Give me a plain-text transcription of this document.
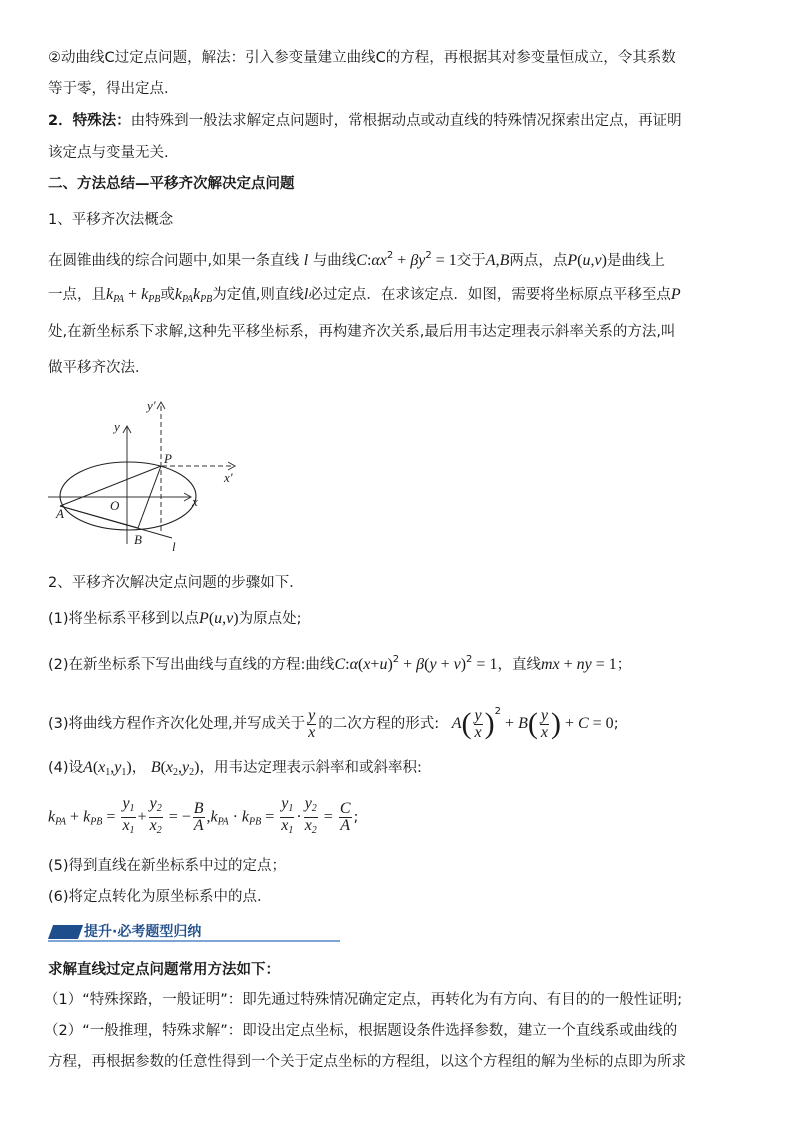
②动曲线C过定点问题，解法：引入参变量建立曲线C的方程，再根据其对参变量恒成立，令其系数
等于零，得出定点.
2．特殊法：由特殊到一般法求解定点问题时，常根据动点或动直线的特殊情况探索出定点，再证明
该定点与变量无关.
二、方法总结—平移齐次解决定点问题
1、平移齐次法概念
在圆锥曲线的综合问题中,如果一条直线 l 与曲线$C:\alpha x^2 + \beta y^2 = 1$交于A,B两点，点P(u,v)是曲线上
一点，且$k_{PA} + k_{PB}$或$k_{PA}k_{PB}$为定值,则直线l必过定点．在求该定点．如图，需要将坐标原点平移至点P
处,在新坐标系下求解,这种先平移坐标系，再构建齐次关系,最后用韦达定理表示斜率关系的方法,叫
做平移齐次法．
y'
y
P
x'
O	x
A
B l
2、平移齐次解决定点问题的步骤如下．
(1)将坐标系平移到以点P(u,v)为原点处;
(2)在新坐标系下写出曲线与直线的方程:曲线$C:\alpha(x+u)^2 + \beta(y + v)^2 = 1$，直线mx + ny = 1；
(3)将曲线方程作齐次化处理,并写成关于 $\frac{y}{x}$ 的二次方程的形式: $A( \frac{y}{x} )^2 + B( \frac{y}{x}$ ) + C = 0;
(4)设$A(x_1,y_1)$， $B(x_2,y_2)$，用韦达定理表示斜率和或斜率积:
$k_{PA} + k_{PB} = \frac{y_1}{x_1} + \frac{y_2}{x_2}$ = − $\frac{B}{A} ,k_{PA} \cdot k_{PB} = \frac{y_1}{x_1} \cdot \frac{y_2}{x_2} = \frac{C}{A}$ ;
(5)得到直线在新坐标系中过的定点；
(6)将定点转化为原坐标系中的点．
提升·必考题型归纳
求解直线过定点问题常用方法如下：
（1）“特殊探路，一般证明”：即先通过特殊情况确定定点，再转化为有方向、有目的的一般性证明;
（2）“一般推理，特殊求解”：即设出定点坐标，根据题设条件选择参数，建立一个直线系或曲线的
方程，再根据参数的任意性得到一个关于定点坐标的方程组，以这个方程组的解为坐标的点即为所求
